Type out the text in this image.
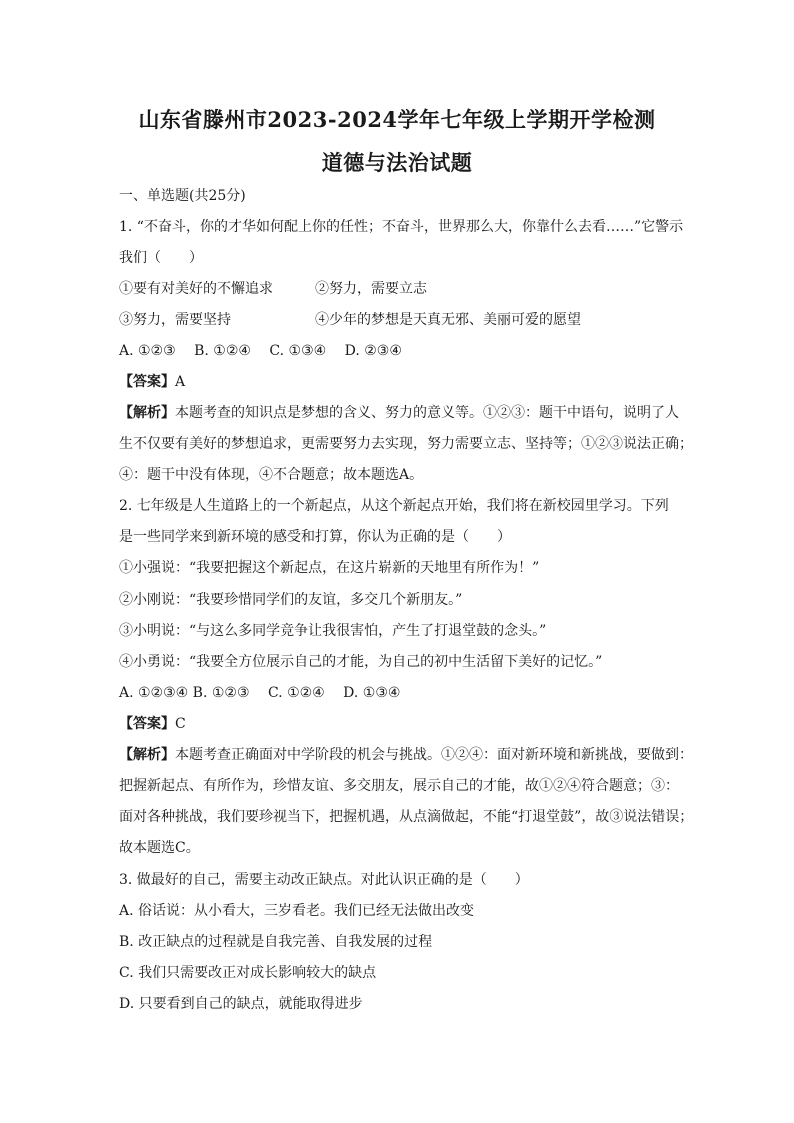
山东省滕州市2023-2024学年七年级上学期开学检测
道德与法治试题
一、单选题(共25分)
1. “不奋斗，你的才华如何配上你的任性；不奋斗，世界那么大，你靠什么去看……”它警示
我们（　　）
①要有对美好的不懈追求	②努力，需要立志
③努力，需要坚持	④少年的梦想是天真无邪、美丽可爱的愿望
A. ①②③　 B. ①②④　 C. ①③④　 D. ②③④
【答案】A
【解析】本题考查的知识点是梦想的含义、努力的意义等。①②③：题干中语句，说明了人
生不仅要有美好的梦想追求，更需要努力去实现，努力需要立志、坚持等；①②③说法正确；
④：题干中没有体现，④不合题意；故本题选A。
2. 七年级是人生道路上的一个新起点，从这个新起点开始，我们将在新校园里学习。下列
是一些同学来到新环境的感受和打算，你认为正确的是（　　）
①小强说：“我要把握这个新起点，在这片崭新的天地里有所作为！”
②小刚说：“我要珍惜同学们的友谊，多交几个新朋友。”
③小明说：“与这么多同学竞争让我很害怕，产生了打退堂鼓的念头。”
④小勇说：“我要全方位展示自己的才能，为自己的初中生活留下美好的记忆。”
A. ①②③④ B. ①②③　 C. ①②④　 D. ①③④
【答案】C
【解析】本题考查正确面对中学阶段的机会与挑战。①②④：面对新环境和新挑战，要做到：
把握新起点、有所作为，珍惜友谊、多交朋友，展示自己的才能，故①②④符合题意；③：
面对各种挑战，我们要珍视当下，把握机遇，从点滴做起，不能“打退堂鼓”，故③说法错误；
故本题选C。
3. 做最好的自己，需要主动改正缺点。对此认识正确的是（　　）
A. 俗话说：从小看大，三岁看老。我们已经无法做出改变
B. 改正缺点的过程就是自我完善、自我发展的过程
C. 我们只需要改正对成长影响较大的缺点
D. 只要看到自己的缺点，就能取得进步
